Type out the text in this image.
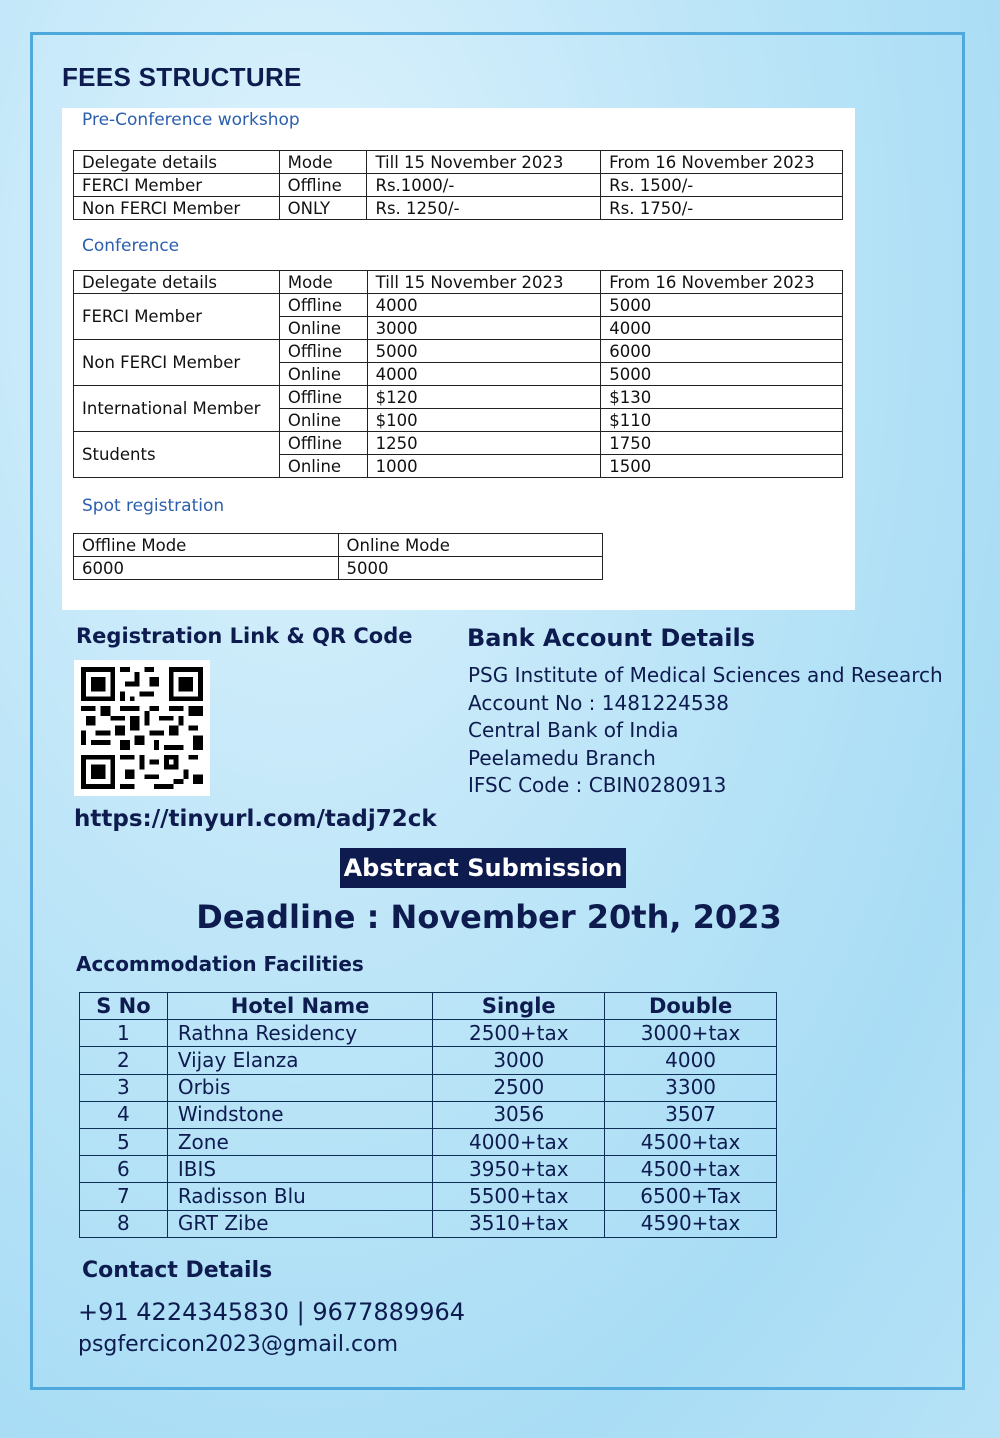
FEES STRUCTURE
Pre-Conference workshop
Delegate details	Mode	Till 15 November 2023	From 16 November 2023
FERCI Member	Offline	Rs.1000/-	Rs. 1500/-
Non FERCI Member	ONLY	Rs. 1250/-	Rs. 1750/-
Conference
Delegate details	Mode	Till 15 November 2023	From 16 November 2023
FERCI Member	Offline	4000	5000
	Online	3000	4000
Non FERCI Member	Offline	5000	6000
	Online	4000	5000
International Member	Offline	$120	$130
	Online	$100	$110
Students	Offline	1250	1750
	Online	1000	1500
Spot registration
Offline Mode	Online Mode
6000	5000
Registration Link & QR Code
https://tinyurl.com/tadj72ck
Bank Account Details
PSG Institute of Medical Sciences and Research
Account No : 1481224538
Central Bank of India
Peelamedu Branch
IFSC Code : CBIN0280913
Abstract Submission
Deadline : November 20th, 2023
Accommodation Facilities
S No	Hotel Name	Single	Double
1	Rathna Residency	2500+tax	3000+tax
2	Vijay Elanza	3000	4000
3	Orbis	2500	3300
4	Windstone	3056	3507
5	Zone	4000+tax	4500+tax
6	IBIS	3950+tax	4500+tax
7	Radisson Blu	5500+tax	6500+Tax
8	GRT Zibe	3510+tax	4590+tax
Contact Details
+91 4224345830 | 9677889964
psgfercicon2023@gmail.com
